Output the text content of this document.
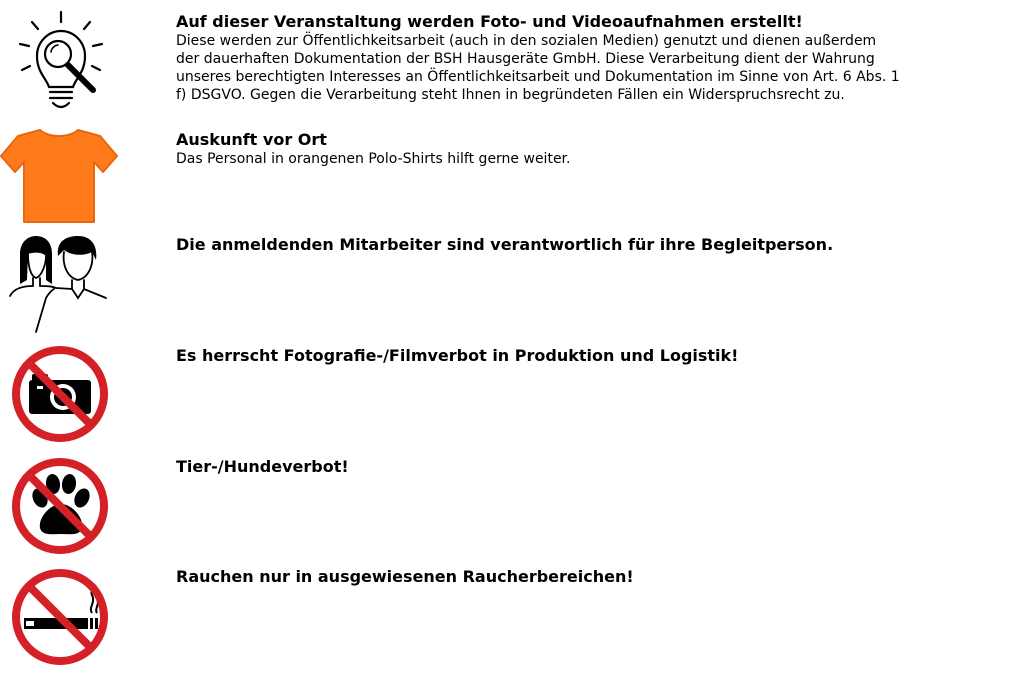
Auf dieser Veranstaltung werden Foto- und Videoaufnahmen erstellt!

Diese werden zur Öffentlichkeitsarbeit (auch in den sozialen Medien) genutzt und dienen außerdem

der dauerhaften Dokumentation der BSH Hausgeräte GmbH. Diese Verarbeitung dient der Wahrung

unseres berechtigten Interesses an Öffentlichkeitsarbeit und Dokumentation im Sinne von Art. 6 Abs. 1

f) DSGVO. Gegen die Verarbeitung steht Ihnen in begründeten Fällen ein Widerspruchsrecht zu.

Auskunft vor Ort

Das Personal in orangenen Polo-Shirts hilft gerne weiter.

Die anmeldenden Mitarbeiter sind verantwortlich für ihre Begleitperson.

Es herrscht Fotografie-/Filmverbot in Produktion und Logistik!

Tier-/Hundeverbot!

Rauchen nur in ausgewiesenen Raucherbereichen!
